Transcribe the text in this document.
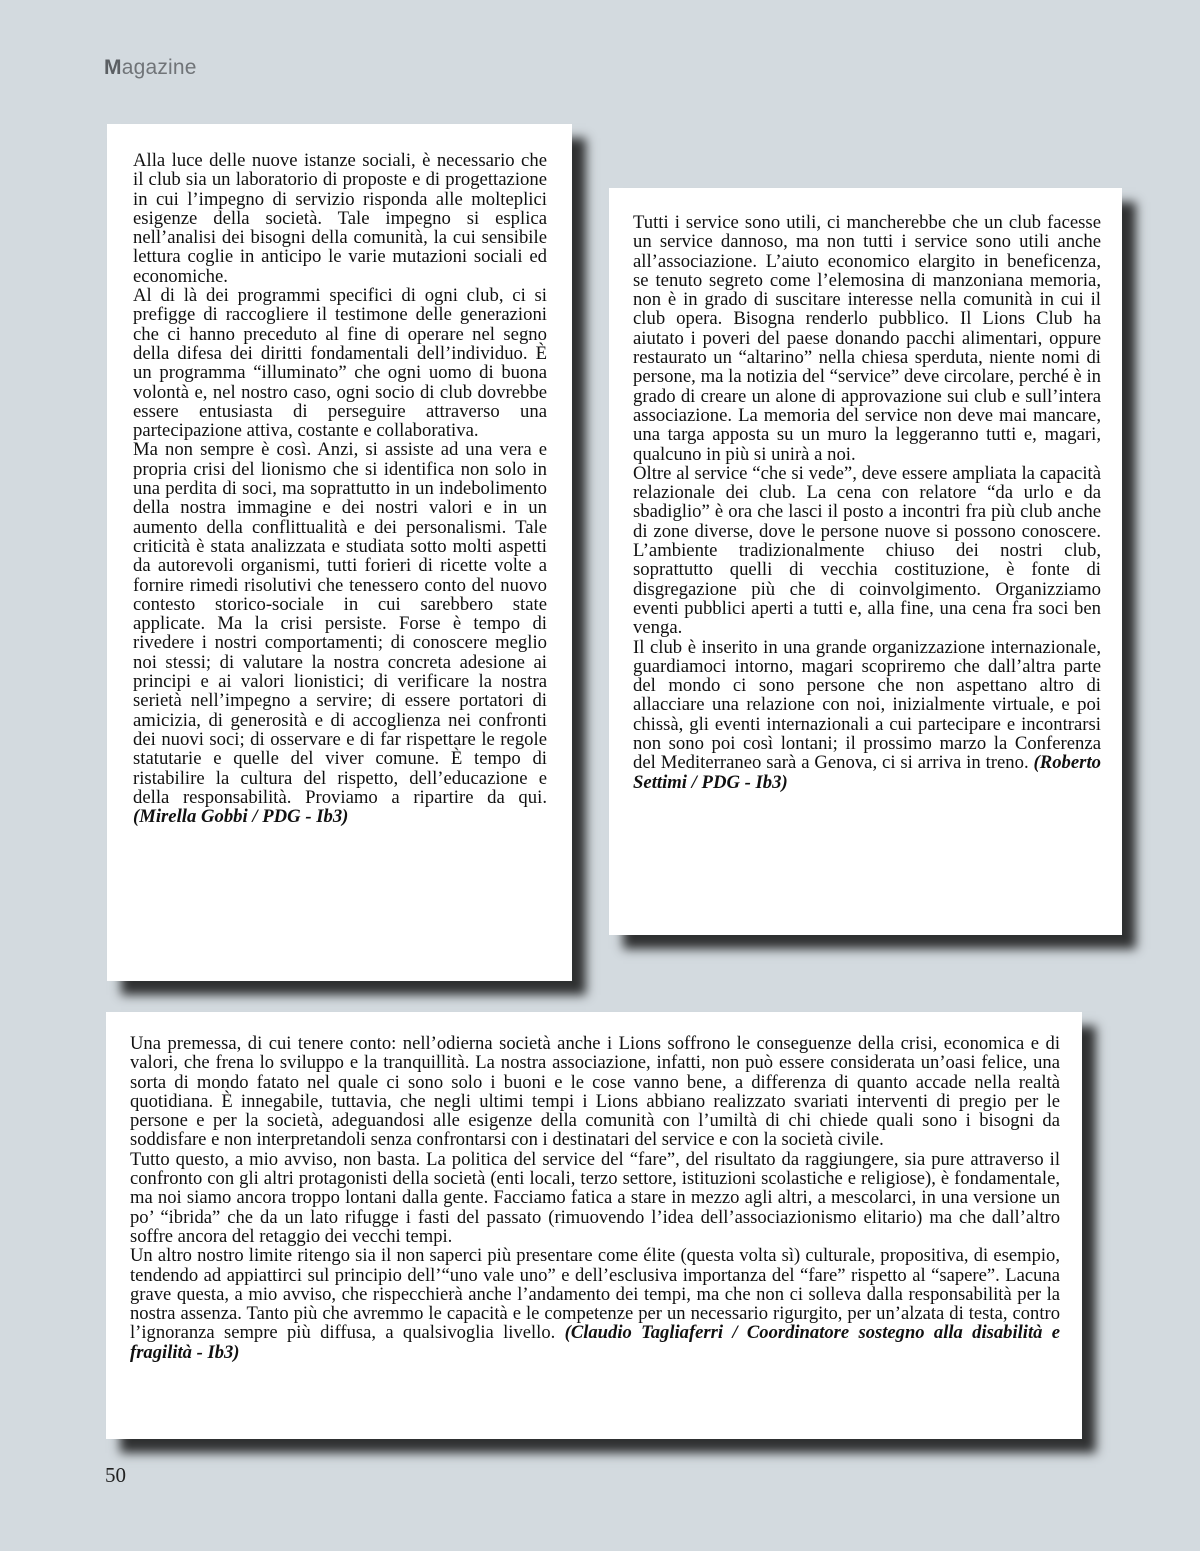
Magazine

Alla luce delle nuove istanze sociali, è necessario che il club sia un laboratorio di proposte e di progettazione in cui l’impegno di servizio risponda alle molteplici esigenze della società. Tale impegno si esplica nell’analisi dei bisogni della comunità, la cui sensibile lettura coglie in anticipo le varie mutazioni sociali ed economiche.

Al di là dei programmi specifici di ogni club, ci si prefigge di raccogliere il testimone delle generazioni che ci hanno preceduto al fine di operare nel segno della difesa dei diritti fondamentali dell’individuo. È un programma “illuminato” che ogni uomo di buona volontà e, nel nostro caso, ogni socio di club dovrebbe essere entusiasta di perseguire attraverso una partecipazione attiva, costante e collaborativa.

Ma non sempre è così. Anzi, si assiste ad una vera e propria crisi del lionismo che si identifica non solo in una perdita di soci, ma soprattutto in un indebolimento della nostra immagine e dei nostri valori e in un aumento della conflittualità e dei personalismi. Tale criticità è stata analizzata e studiata sotto molti aspetti da autorevoli organismi, tutti forieri di ricette volte a fornire rimedi risolutivi che tenessero conto del nuovo contesto storico-sociale in cui sarebbero state applicate. Ma la crisi persiste. Forse è tempo di rivedere i nostri comportamenti; di conoscere meglio noi stessi; di valutare la nostra concreta adesione ai principi e ai valori lionistici; di verificare la nostra serietà nell’impegno a servire; di essere portatori di amicizia, di generosità e di accoglienza nei confronti dei nuovi soci; di osservare e di far rispettare le regole statutarie e quelle del viver comune. È tempo di ristabilire la cultura del rispetto, dell’educazione e della responsabilità. Proviamo a ripartire da qui. (Mirella Gobbi / PDG - Ib3)

Tutti i service sono utili, ci mancherebbe che un club facesse un service dannoso, ma non tutti i service sono utili anche all’associazione. L’aiuto economico elargito in beneficenza, se tenuto segreto come l’elemosina di manzoniana memoria, non è in grado di suscitare interesse nella comunità in cui il club opera. Bisogna renderlo pubblico. Il Lions Club ha aiutato i poveri del paese donando pacchi alimentari, oppure restaurato un “altarino” nella chiesa sperduta, niente nomi di persone, ma la notizia del “service” deve circolare, perché è in grado di creare un alone di approvazione sui club e sull’intera associazione. La memoria del service non deve mai mancare, una targa apposta su un muro la leggeranno tutti e, magari, qualcuno in più si unirà a noi.

Oltre al service “che si vede”, deve essere ampliata la capacità relazionale dei club. La cena con relatore “da urlo e da sbadiglio” è ora che lasci il posto a incontri fra più club anche di zone diverse, dove le persone nuove si possono conoscere. L’ambiente tradizionalmente chiuso dei nostri club, soprattutto quelli di vecchia costituzione, è fonte di disgregazione più che di coinvolgimento. Organizziamo eventi pubblici aperti a tutti e, alla fine, una cena fra soci ben venga.

Il club è inserito in una grande organizzazione internazionale, guardiamoci intorno, magari scopriremo che dall’altra parte del mondo ci sono persone che non aspettano altro di allacciare una relazione con noi, inizialmente virtuale, e poi chissà, gli eventi internazionali a cui partecipare e incontrarsi non sono poi così lontani; il prossimo marzo la Conferenza del Mediterraneo sarà a Genova, ci si arriva in treno. (Roberto Settimi / PDG - Ib3)

Una premessa, di cui tenere conto: nell’odierna società anche i Lions soffrono le conseguenze della crisi, economica e di valori, che frena lo sviluppo e la tranquillità. La nostra associazione, infatti, non può essere considerata un’oasi felice, una sorta di mondo fatato nel quale ci sono solo i buoni e le cose vanno bene, a differenza di quanto accade nella realtà quotidiana. È innegabile, tuttavia, che negli ultimi tempi i Lions abbiano realizzato svariati interventi di pregio per le persone e per la società, adeguandosi alle esigenze della comunità con l’umiltà di chi chiede quali sono i bisogni da soddisfare e non interpretandoli senza confrontarsi con i destinatari del service e con la società civile.

Tutto questo, a mio avviso, non basta. La politica del service del “fare”, del risultato da raggiungere, sia pure attraverso il confronto con gli altri protagonisti della società (enti locali, terzo settore, istituzioni scolastiche e religiose), è fondamentale, ma noi siamo ancora troppo lontani dalla gente. Facciamo fatica a stare in mezzo agli altri, a mescolarci, in una versione un po’ “ibrida” che da un lato rifugge i fasti del passato (rimuovendo l’idea dell’associazionismo elitario) ma che dall’altro soffre ancora del retaggio dei vecchi tempi.

Un altro nostro limite ritengo sia il non saperci più presentare come élite (questa volta sì) culturale, propositiva, di esempio, tendendo ad appiattirci sul principio dell’“uno vale uno” e dell’esclusiva importanza del “fare” rispetto al “sapere”. Lacuna grave questa, a mio avviso, che rispecchierà anche l’andamento dei tempi, ma che non ci solleva dalla responsabilità per la nostra assenza. Tanto più che avremmo le capacità e le competenze per un necessario rigurgito, per un’alzata di testa, contro l’ignoranza sempre più diffusa, a qualsivoglia livello. (Claudio Tagliaferri / Coordinatore sostegno alla disabilità e fragilità - Ib3)

50
